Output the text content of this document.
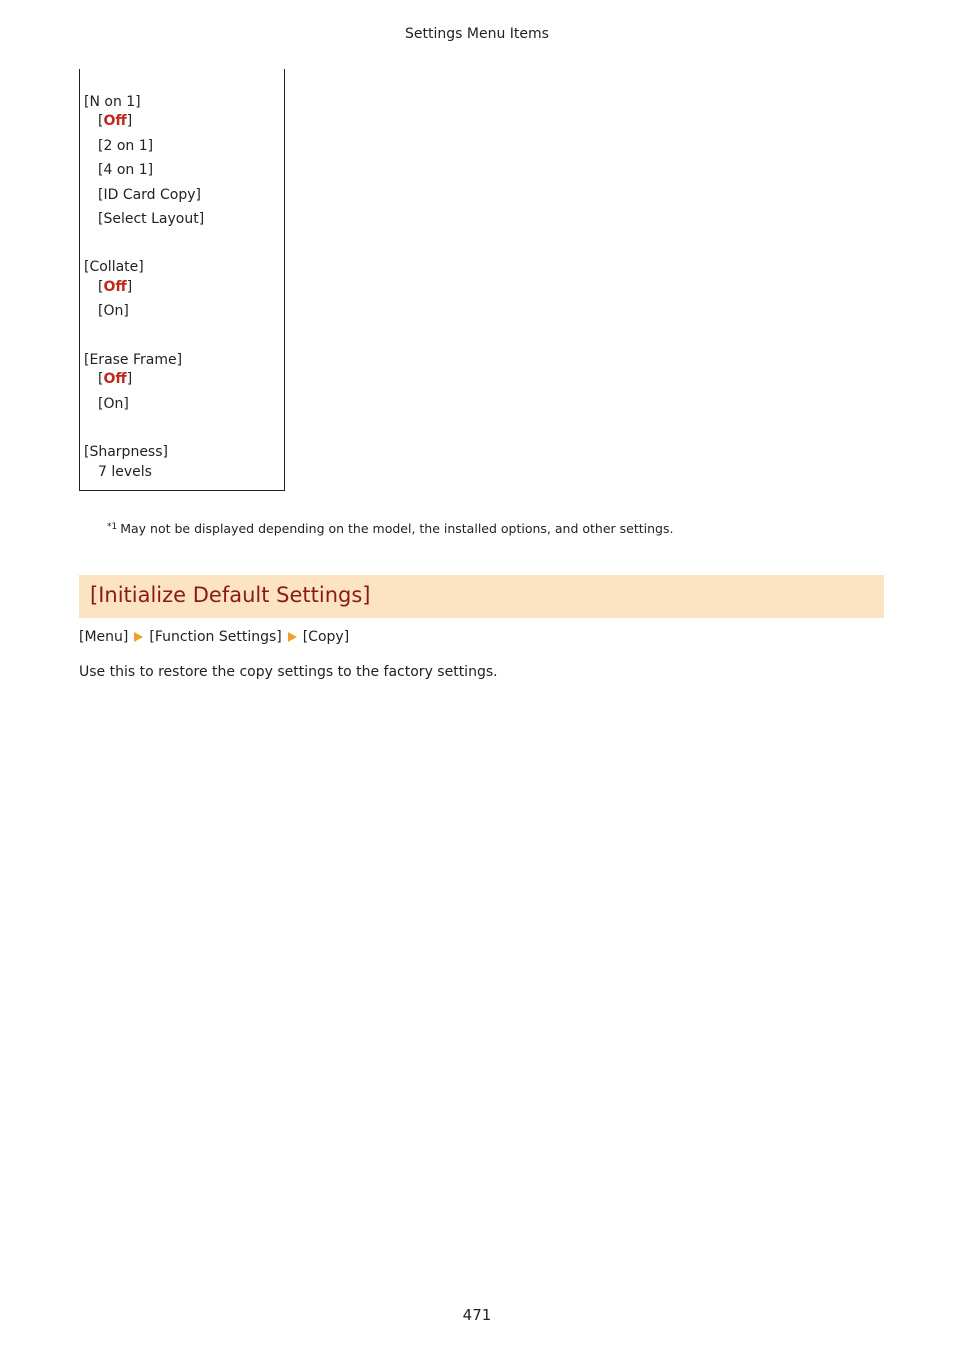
Settings Menu Items
[N on 1]
[Off]
[2 on 1]
[4 on 1]
[ID Card Copy]
[Select Layout]
[Collate]
[Off]
[On]
[Erase Frame]
[Off]
[On]
[Sharpness]
7 levels
$^{*1}$ May not be displayed depending on the model, the installed options, and other settings.
[Initialize Default Settings]
[Menu] [Function Settings] [Copy]
Use this to restore the copy settings to the factory settings.
471
